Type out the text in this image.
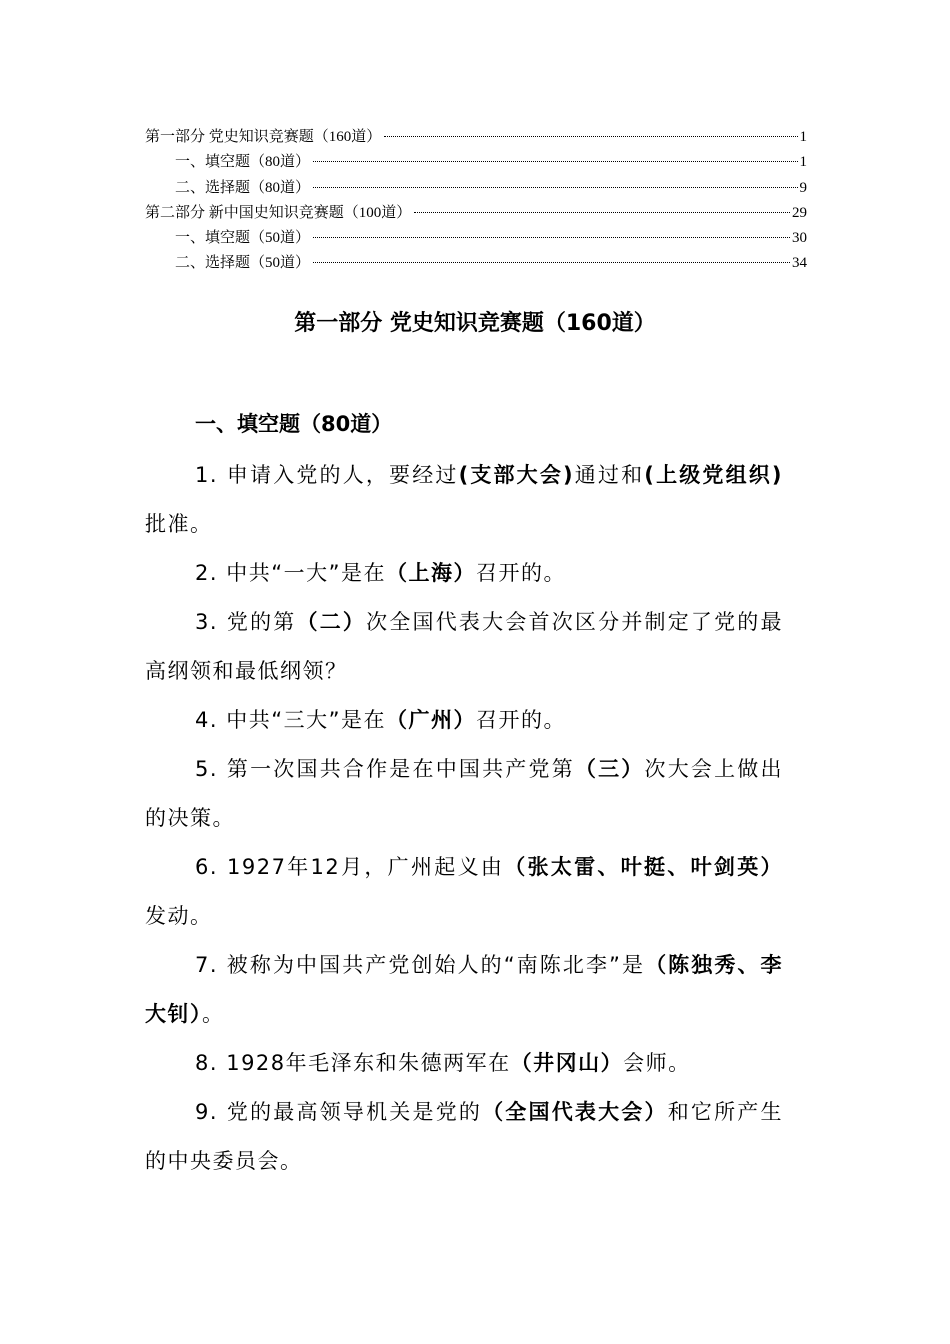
第一部分 党史知识竞赛题（160道）	1
一、填空题（80道）	1
二、选择题（80道）	9
第二部分 新中国史知识竞赛题（100道）	29
一、填空题（50道）	30
二、选择题（50道）	34
第一部分 党史知识竞赛题（160道）
一、填空题（80道）

1. 申请入党的人，要经过(支部大会)通过和(上级党组织)批准。

2. 中共“一大”是在（上海）召开的。

3. 党的第（二）次全国代表大会首次区分并制定了党的最高纲领和最低纲领？

4. 中共“三大”是在（广州）召开的。

5. 第一次国共合作是在中国共产党第（三）次大会上做出的决策。

6. 1927年12月，广州起义由（张太雷、叶挺、叶剑英）发动。

7. 被称为中国共产党创始人的“南陈北李”是（陈独秀、李大钊）。

8. 1928年毛泽东和朱德两军在（井冈山）会师。

9. 党的最高领导机关是党的（全国代表大会）和它所产生的中央委员会。
